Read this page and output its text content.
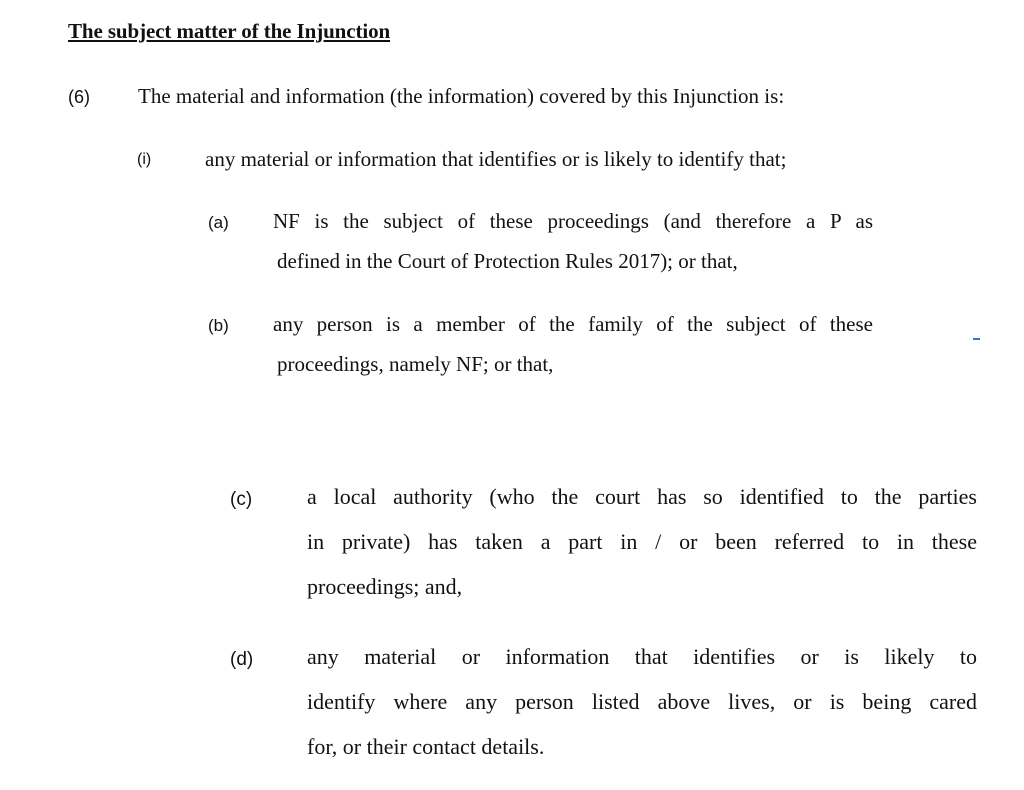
The subject matter of the Injunction
(6) The material and information (the information) covered by this Injunction is:
(i)	any material or information that identifies or is likely to identify that;
(a) NF is the subject of these proceedings (and therefore a P as
defined in the Court of Protection Rules 2017); or that,
(b) any person is a member of the family of the subject of these
proceedings, namely NF; or that,
(c) a local authority (who the court has so identified to the parties
in private) has taken a part in / or been referred to in these
proceedings; and,
(d) any material or information that identifies or is likely to
identify where any person listed above lives, or is being cared
for, or their contact details.
